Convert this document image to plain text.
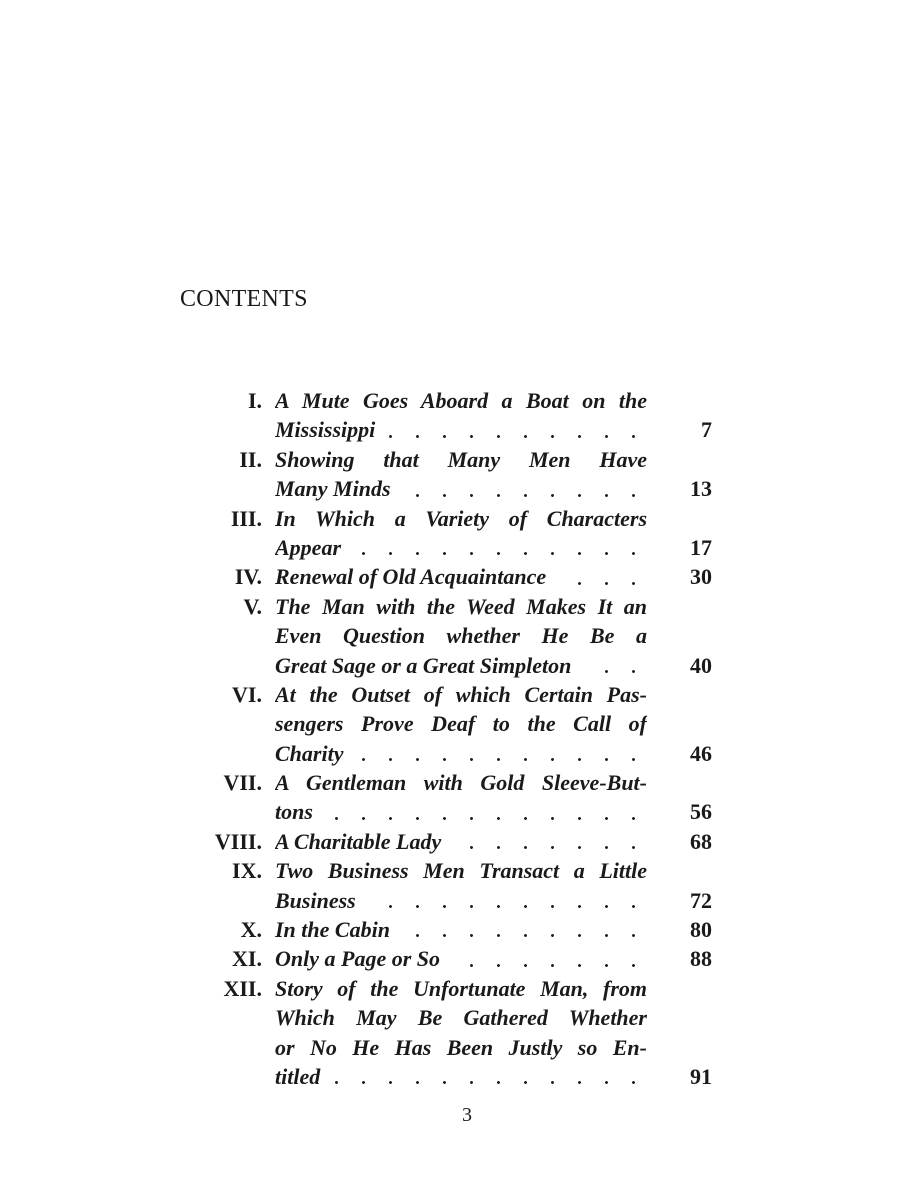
CONTENTS
I. A Mute Goes Aboard a Boat on the
Mississippi	7
II. Showing that Many Men Have
Many Minds	13
III. In Which a Variety of Characters
Appear	17
IV. Renewal of Old Acquaintance	30
V. The Man with the Weed Makes It an
Even Question whether He Be a
Great Sage or a Great Simpleton	40
VI. At the Outset of which Certain Pas-
sengers Prove Deaf to the Call of
Charity	46
VII. A Gentleman with Gold Sleeve-But-
tons	56
VIII. A Charitable Lady	68
IX. Two Business Men Transact a Little
Business	72
X. In the Cabin	80
XI. Only a Page or So	88
XII. Story of the Unfortunate Man, from
Which May Be Gathered Whether
or No He Has Been Justly so En-
titled	91
3
